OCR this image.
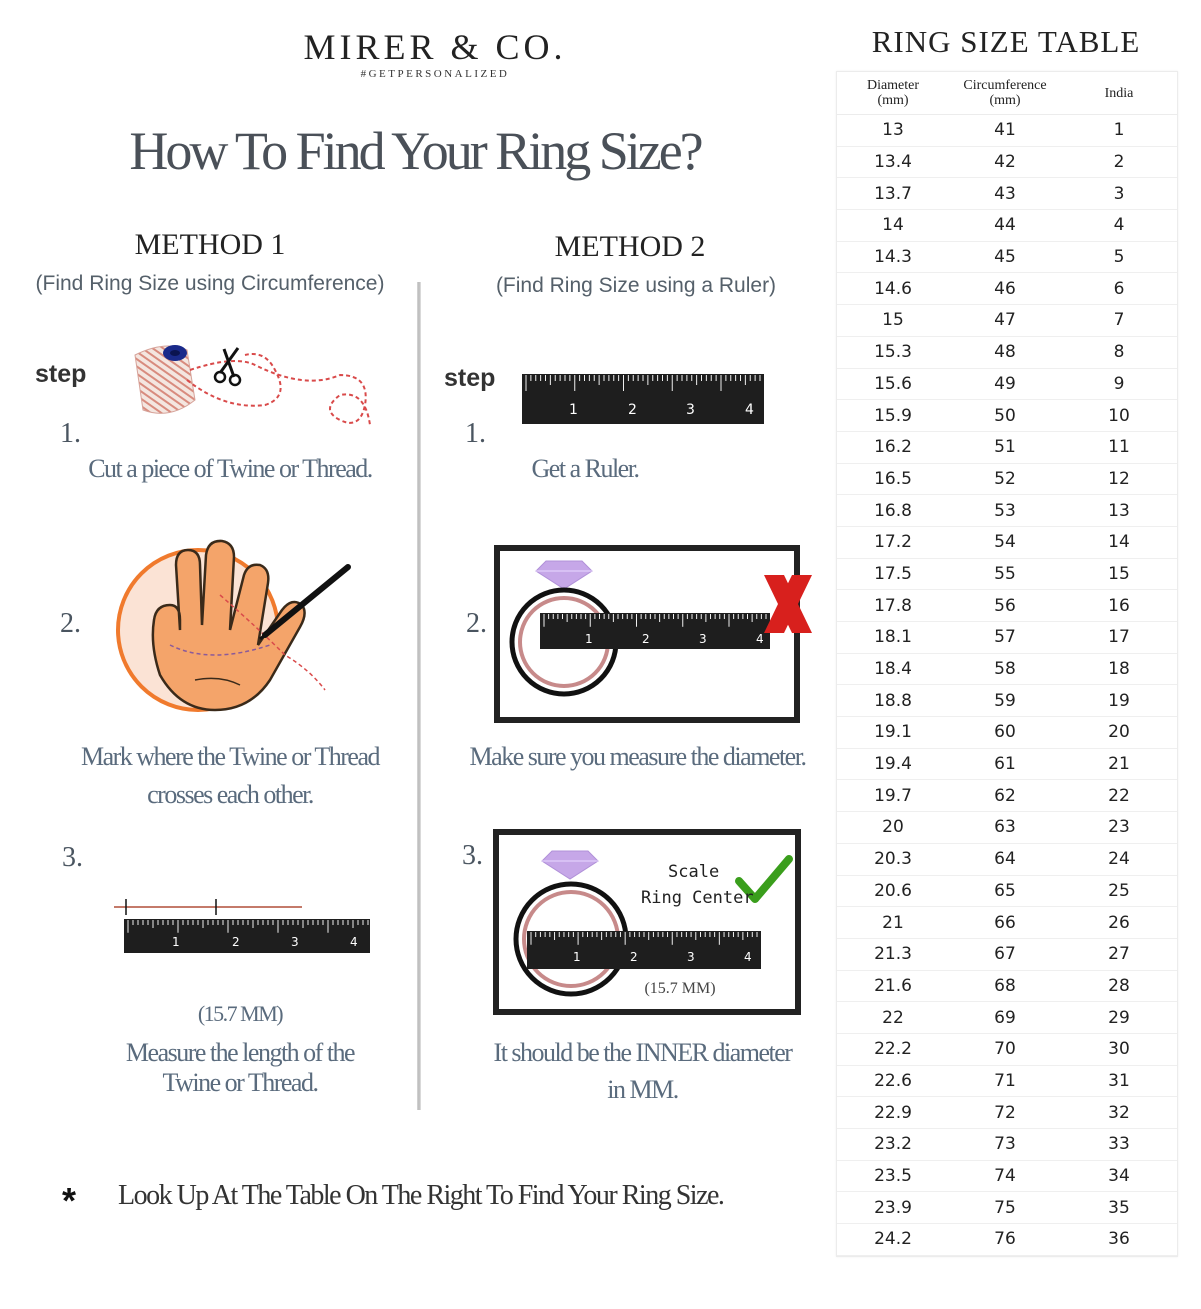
MIRER & CO.
#GETPERSONALIZED
How To Find Your Ring Size?
METHOD 1
(Find Ring Size using Circumference)
METHOD 2
(Find Ring Size using a Ruler)
step
1.
Cut a piece of Twine or Thread.
2.
Mark where the Twine or Thread
crosses each other.
3.
1	2	3	4
(15.7 MM)
Measure the length of the
Twine or Thread.
step
1.
1	2	3	4
Get a Ruler.
2.	1	2	3	4
Make sure you measure the diameter.
3.
Scale
Ring Center
1	2	3	4
(15.7 MM)
It should be the INNER diameter
in MM.
* Look Up At The Table On The Right To Find Your Ring Size.
RING SIZE TABLE
Diameter
(mm)	Circumference
(mm)	India
13	41	1
13.4	42	2
13.7	43	3
14	44	4
14.3	45	5
14.6	46	6
15	47	7
15.3	48	8
15.6	49	9
15.9	50	10
16.2	51	11
16.5	52	12
16.8	53	13
17.2	54	14
17.5	55	15
17.8	56	16
18.1	57	17
18.4	58	18
18.8	59	19
19.1	60	20
19.4	61	21
19.7	62	22
20	63	23
20.3	64	24
20.6	65	25
21	66	26
21.3	67	27
21.6	68	28
22	69	29
22.2	70	30
22.6	71	31
22.9	72	32
23.2	73	33
23.5	74	34
23.9	75	35
24.2	76	36
